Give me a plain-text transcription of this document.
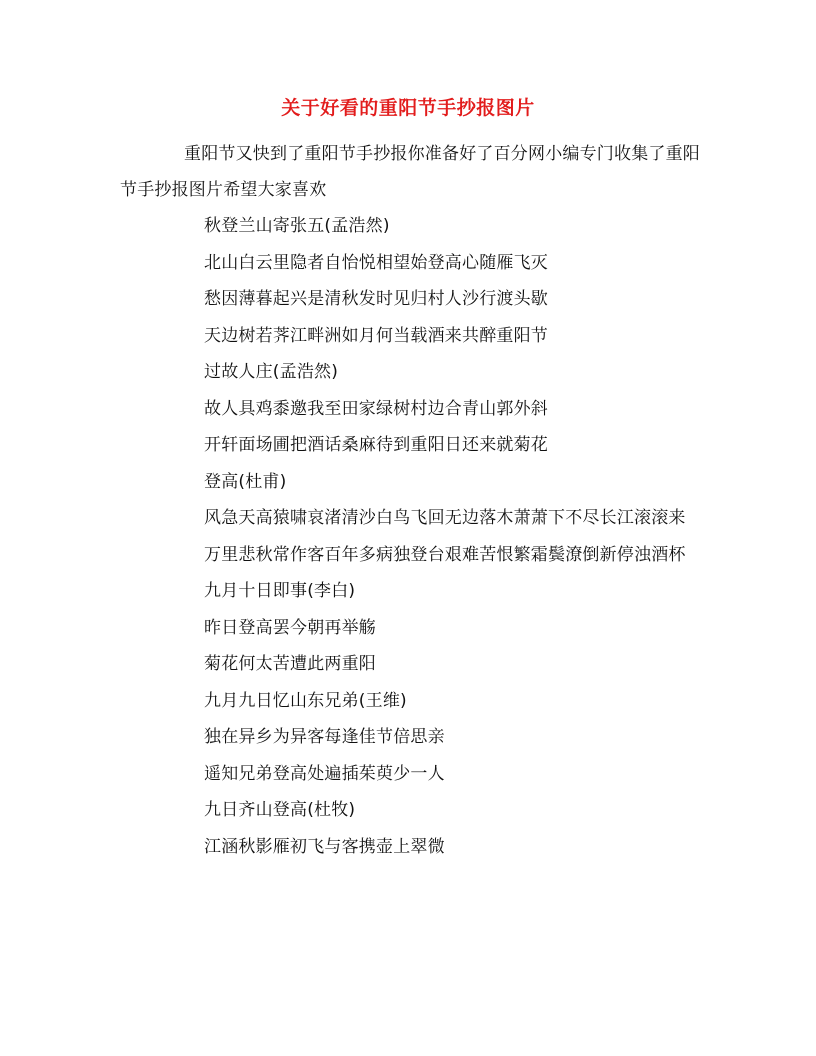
关于好看的重阳节手抄报图片
重阳节又快到了重阳节手抄报你准备好了百分网小编专门收集了重阳节手抄报图片希望大家喜欢
秋登兰山寄张五(孟浩然)
北山白云里隐者自怡悦相望始登高心随雁飞灭
愁因薄暮起兴是清秋发时见归村人沙行渡头歇
天边树若荠江畔洲如月何当载酒来共醉重阳节
过故人庄(孟浩然)
故人具鸡黍邀我至田家绿树村边合青山郭外斜
开轩面场圃把酒话桑麻待到重阳日还来就菊花
登高(杜甫)
风急天高猿啸哀渚清沙白鸟飞回无边落木萧萧下不尽长江滚滚来
万里悲秋常作客百年多病独登台艰难苦恨繁霜鬓潦倒新停浊酒杯
九月十日即事(李白)
昨日登高罢今朝再举觞
菊花何太苦遭此两重阳
九月九日忆山东兄弟(王维)
独在异乡为异客每逢佳节倍思亲
遥知兄弟登高处遍插茱萸少一人
九日齐山登高(杜牧)
江涵秋影雁初飞与客携壶上翠微
